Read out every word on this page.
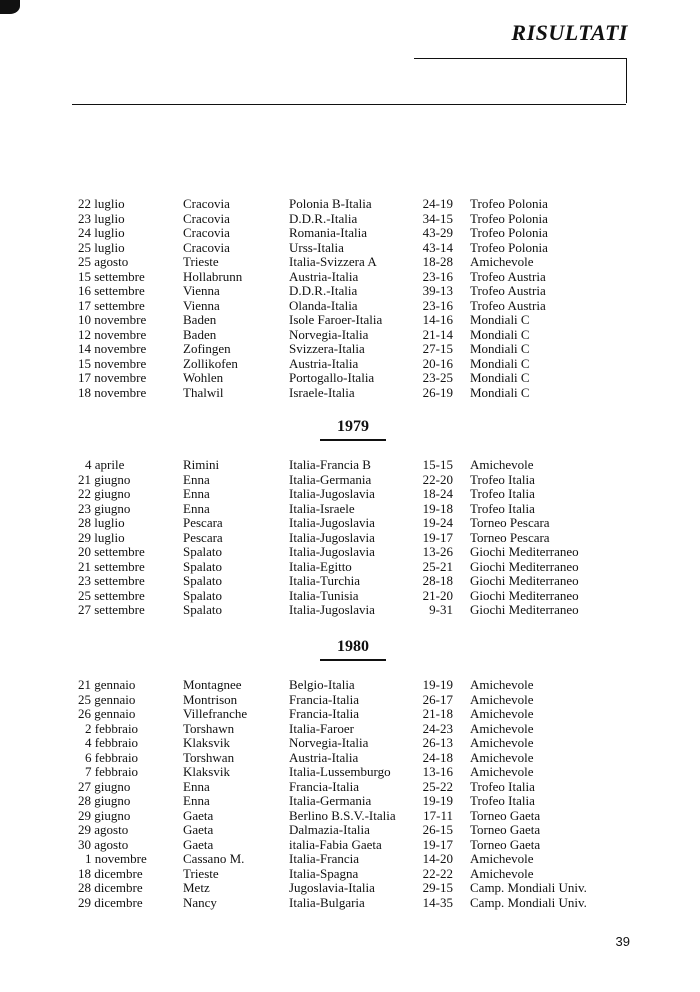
RISULTATI
22 luglio	Cracovia	Polonia B-Italia	24-19 Trofeo Polonia
23 luglio	Cracovia	D.D.R.-Italia	34-15 Trofeo Polonia
24 luglio	Cracovia	Romania-Italia	43-29 Trofeo Polonia
25 luglio	Cracovia	Urss-Italia	43-14 Trofeo Polonia
25 agosto	Trieste	Italia-Svizzera A	18-28 Amichevole
15 settembre	Hollabrunn	Austria-Italia	23-16 Trofeo Austria
16 settembre	Vienna	D.D.R.-Italia	39-13 Trofeo Austria
17 settembre	Vienna	Olanda-Italia	23-16 Trofeo Austria
10 novembre	Baden	Isole Faroer-Italia	14-16 Mondiali C
12 novembre	Baden	Norvegia-Italia	21-14 Mondiali C
14 novembre	Zofingen	Svizzera-Italia	27-15 Mondiali C
15 novembre	Zollikofen	Austria-Italia	20-16 Mondiali C
17 novembre	Wohlen	Portogallo-Italia	23-25 Mondiali C
18 novembre	Thalwil	Israele-Italia	26-19 Mondiali C
1979
4 aprile	Rimini	Italia-Francia B	15-15 Amichevole
21 giugno	Enna	Italia-Germania	22-20 Trofeo Italia
22 giugno	Enna	Italia-Jugoslavia	18-24 Trofeo Italia
23 giugno	Enna	Italia-Israele	19-18 Trofeo Italia
28 luglio	Pescara	Italia-Jugoslavia	19-24 Torneo Pescara
29 luglio	Pescara	Italia-Jugoslavia	19-17 Torneo Pescara
20 settembre	Spalato	Italia-Jugoslavia	13-26 Giochi Mediterraneo
21 settembre	Spalato	Italia-Egitto	25-21 Giochi Mediterraneo
23 settembre	Spalato	Italia-Turchia	28-18 Giochi Mediterraneo
25 settembre	Spalato	Italia-Tunisia	21-20 Giochi Mediterraneo
27 settembre	Spalato	Italia-Jugoslavia	9-31 Giochi Mediterraneo
1980
21 gennaio	Montagnee	Belgio-Italia	19-19 Amichevole
25 gennaio	Montrison	Francia-Italia	26-17 Amichevole
26 gennaio	Villefranche	Francia-Italia	21-18 Amichevole
2 febbraio	Torshawn	Italia-Faroer	24-23 Amichevole
4 febbraio	Klaksvik	Norvegia-Italia	26-13 Amichevole
6 febbraio	Torshwan	Austria-Italia	24-18 Amichevole
7 febbraio	Klaksvik	Italia-Lussemburgo	13-16 Amichevole
27 giugno	Enna	Francia-Italia	25-22 Trofeo Italia
28 giugno	Enna	Italia-Germania	19-19 Trofeo Italia
29 giugno	Gaeta	Berlino B.S.V.-Italia	17-11 Torneo Gaeta
29 agosto	Gaeta	Dalmazia-Italia	26-15 Torneo Gaeta
30 agosto	Gaeta	italia-Fabia Gaeta	19-17 Torneo Gaeta
1 novembre	Cassano M.	Italia-Francia	14-20 Amichevole
18 dicembre	Trieste	Italia-Spagna	22-22 Amichevole
28 dicembre	Metz	Jugoslavia-Italia	29-15 Camp. Mondiali Univ.
29 dicembre	Nancy	Italia-Bulgaria	14-35 Camp. Mondiali Univ.
39
